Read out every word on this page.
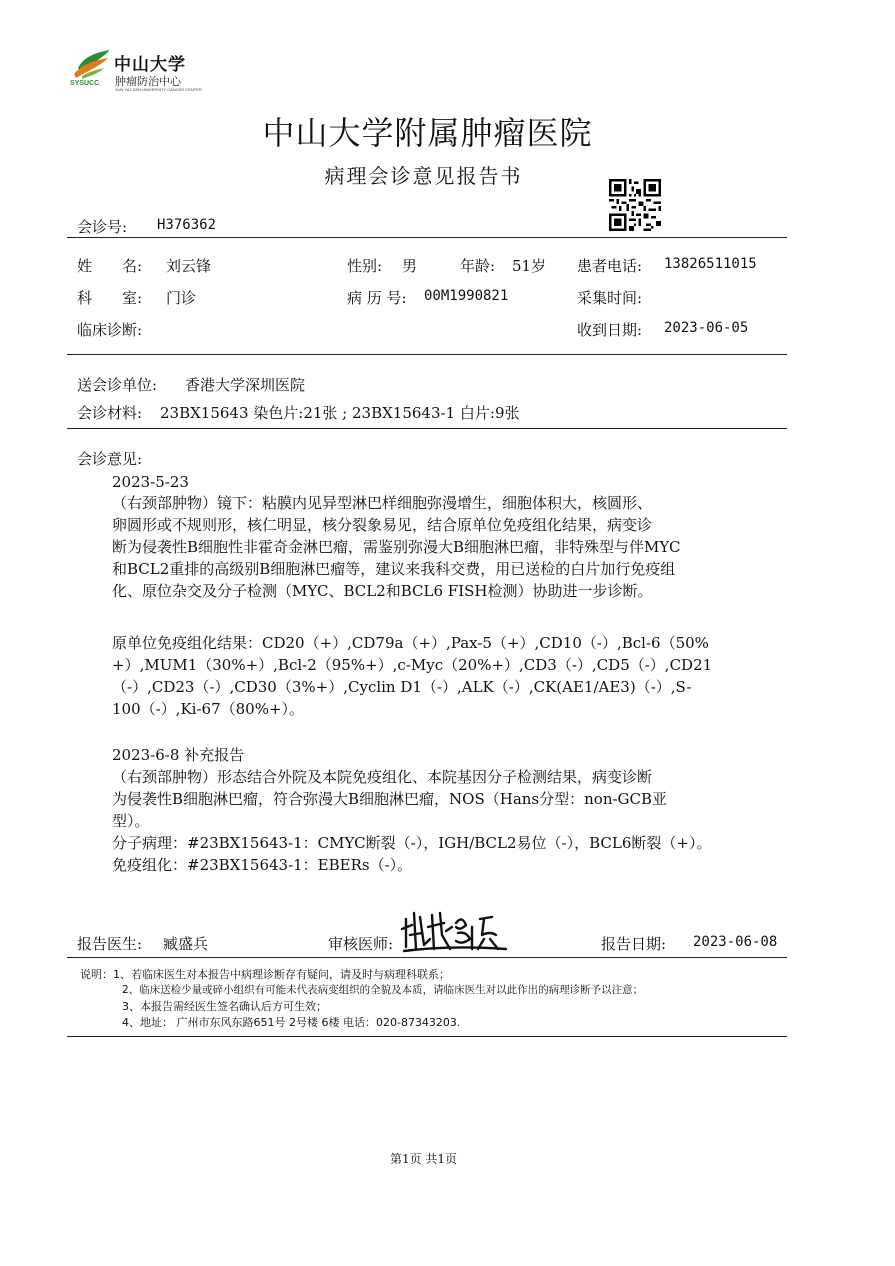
SYSUCC
中山大学
肿瘤防治中心
SUN YAT-SEN UNIVERSITY CANCER CENTER
中山大学附属肿瘤医院
病理会诊意见报告书
会诊号: H376362
姓　　名: 刘云锋	性别: 男	年龄: 51岁 患者电话: 13826511015
科　　室: 门诊	病 历 号: 00M1990821	采集时间:
临床诊断:	收到日期: 2023-06-05
送会诊单位: 香港大学深圳医院
会诊材料: 23BX15643 染色片:21张 ; 23BX15643-1 白片:9张
会诊意见:
2023-5-23
（右颈部肿物）镜下：粘膜内见异型淋巴样细胞弥漫增生，细胞体积大，核圆形、
卵圆形或不规则形，核仁明显，核分裂象易见，结合原单位免疫组化结果，病变诊
断为侵袭性B细胞性非霍奇金淋巴瘤，需鉴别弥漫大B细胞淋巴瘤，非特殊型与伴MYC
和BCL2重排的高级别B细胞淋巴瘤等，建议来我科交费，用已送检的白片加行免疫组
化、原位杂交及分子检测（MYC、BCL2和BCL6 FISH检测）协助进一步诊断。
原单位免疫组化结果：CD20（+）,CD79a（+）,Pax-5（+）,CD10（-）,Bcl-6（50%
+）,MUM1（30%+）,Bcl-2（95%+）,c-Myc（20%+）,CD3（-）,CD5（-）,CD21
（-）,CD23（-）,CD30（3%+）,Cyclin D1（-）,ALK（-）,CK(AE1/AE3)（-）,S-
100（-）,Ki-67（80%+）。
2023-6-8 补充报告
（右颈部肿物）形态结合外院及本院免疫组化、本院基因分子检测结果，病变诊断
为侵袭性B细胞淋巴瘤，符合弥漫大B细胞淋巴瘤，NOS（Hans分型：non-GCB亚
型）。
分子病理：#23BX15643-1：CMYC断裂（-），IGH/BCL2易位（-），BCL6断裂（+）。
免疫组化：#23BX15643-1：EBERs（-）。
报告医生: 臧盛兵	审核医师:	报告日期: 2023-06-08
说明：1、若临床医生对本报告中病理诊断存有疑问，请及时与病理科联系；
2、临床送检少量或碎小组织有可能未代表病变组织的全貌及本质，请临床医生对以此作出的病理诊断予以注意；
3、本报告需经医生签名确认后方可生效；
4、地址： 广州市东风东路651号 2号楼 6楼 电话：020-87343203.
第1页 共1页
